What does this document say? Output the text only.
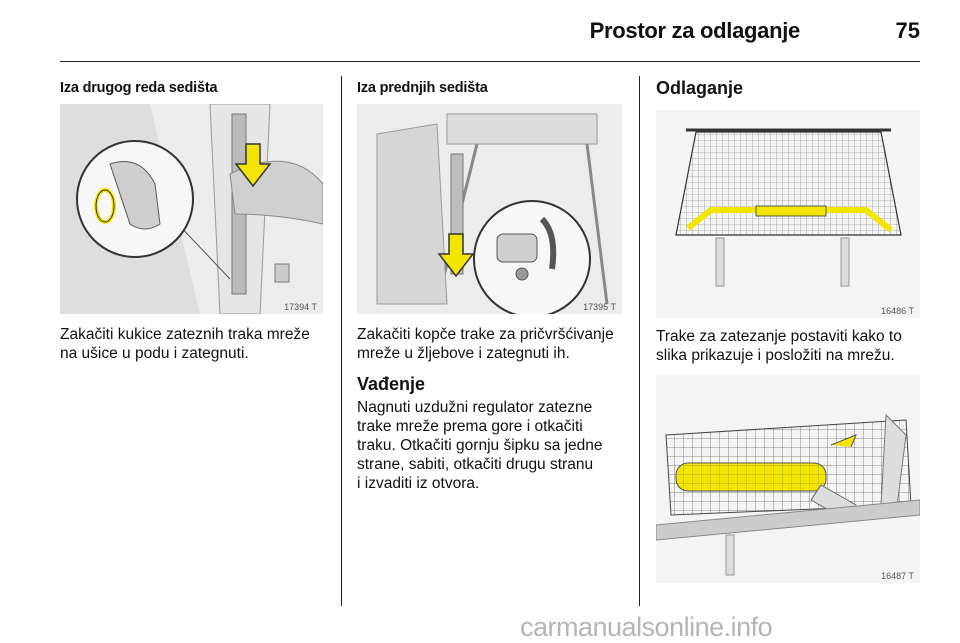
Prostor za odlaganje	75
Iza drugog reda sedišta
17394 T
Zakačiti kukice zateznih traka mreže
na ušice u podu i zategnuti.
Iza prednjih sedišta
17395 T
Zakačiti kopče trake za pričvršćivanje
mreže u žljebove i zategnuti ih.
Vađenje
Nagnuti uzdužni regulator zatezne
trake mreže prema gore i otkačiti
traku. Otkačiti gornju šipku sa jedne
strane, sabiti, otkačiti drugu stranu
i izvaditi iz otvora.
Odlaganje
16486 T
Trake za zatezanje postaviti kako to
slika prikazuje i posložiti na mrežu.
16487 T
carmanualsonline.info
